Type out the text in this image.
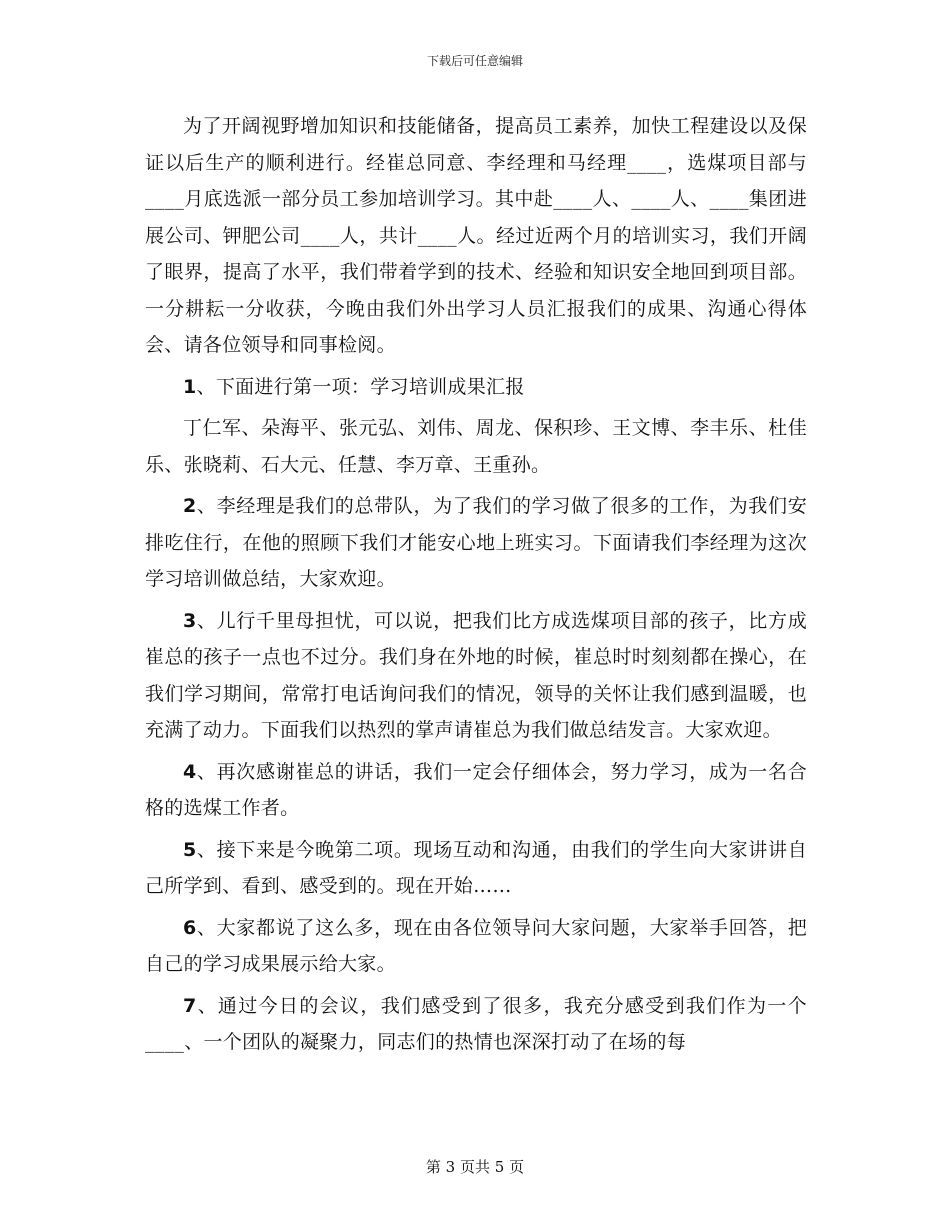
下载后可任意编辑

为了开阔视野增加知识和技能储备，提高员工素养，加快工程建设以及保证以后生产的顺利进行。经崔总同意、李经理和马经理____，选煤项目部与____月底选派一部分员工参加培训学习。其中赴____人、____人、____集团进展公司、钾肥公司____人，共计____人。经过近两个月的培训实习，我们开阔了眼界，提高了水平，我们带着学到的技术、经验和知识安全地回到项目部。一分耕耘一分收获，今晚由我们外出学习人员汇报我们的成果、沟通心得体会、请各位领导和同事检阅。

1、下面进行第一项：学习培训成果汇报

丁仁军、朵海平、张元弘、刘伟、周龙、保积珍、王文博、李丰乐、杜佳乐、张晓莉、石大元、任慧、李万章、王重孙。

2、李经理是我们的总带队，为了我们的学习做了很多的工作，为我们安排吃住行，在他的照顾下我们才能安心地上班实习。下面请我们李经理为这次学习培训做总结，大家欢迎。

3、儿行千里母担忧，可以说，把我们比方成选煤项目部的孩子，比方成崔总的孩子一点也不过分。我们身在外地的时候，崔总时时刻刻都在操心，在我们学习期间，常常打电话询问我们的情况，领导的关怀让我们感到温暖，也充满了动力。下面我们以热烈的掌声请崔总为我们做总结发言。大家欢迎。

4、再次感谢崔总的讲话，我们一定会仔细体会，努力学习，成为一名合格的选煤工作者。

5、接下来是今晚第二项。现场互动和沟通，由我们的学生向大家讲讲自己所学到、看到、感受到的。现在开始……

6、大家都说了这么多，现在由各位领导问大家问题，大家举手回答，把自己的学习成果展示给大家。

7、通过今日的会议，我们感受到了很多，我充分感受到我们作为一个____、一个团队的凝聚力，同志们的热情也深深打动了在场的每

第 3 页共 5 页
